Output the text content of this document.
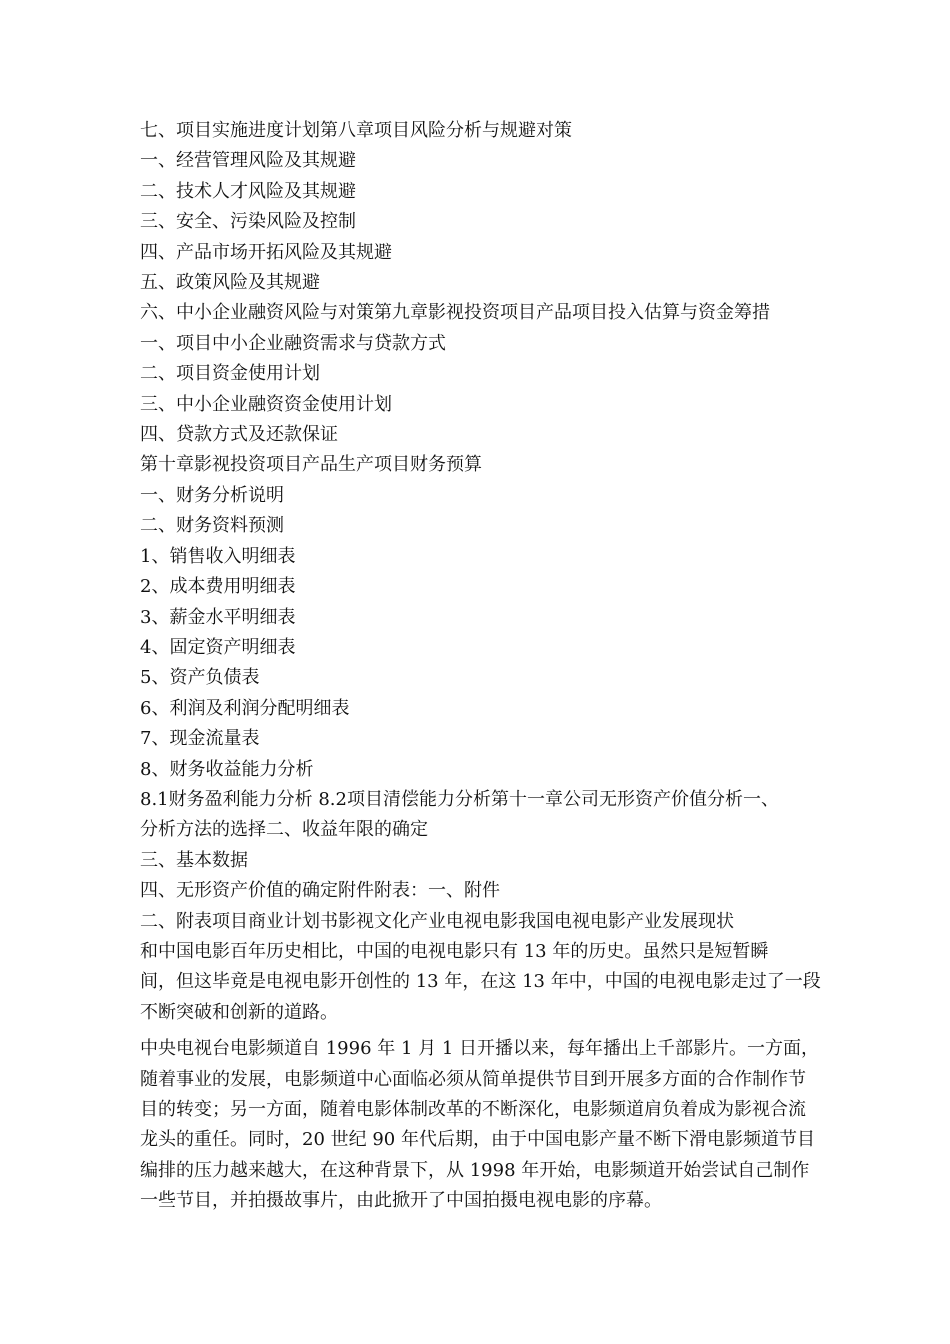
七、项目实施进度计划第八章项目风险分析与规避对策

一、经营管理风险及其规避

二、技术人才风险及其规避

三、安全、污染风险及控制

四、产品市场开拓风险及其规避

五、政策风险及其规避

六、中小企业融资风险与对策第九章影视投资项目产品项目投入估算与资金筹措

一、项目中小企业融资需求与贷款方式

二、项目资金使用计划

三、中小企业融资资金使用计划

四、贷款方式及还款保证

第十章影视投资项目产品生产项目财务预算

一、财务分析说明

二、财务资料预测

1、销售收入明细表

2、成本费用明细表

3、薪金水平明细表

4、固定资产明细表

5、资产负债表

6、利润及利润分配明细表

7、现金流量表

8、财务收益能力分析

8.1财务盈利能力分析 8.2项目清偿能力分析第十一章公司无形资产价值分析一、

分析方法的选择二、收益年限的确定

三、基本数据

四、无形资产价值的确定附件附表：一、附件

二、附表项目商业计划书影视文化产业电视电影我国电视电影产业发展现状

和中国电影百年历史相比，中国的电视电影只有 13 年的历史。虽然只是短暂瞬

间，但这毕竟是电视电影开创性的 13 年，在这 13 年中，中国的电视电影走过了一段

不断突破和创新的道路。

中央电视台电影频道自 1996 年 1 月 1 日开播以来，每年播出上千部影片。一方面，

随着事业的发展，电影频道中心面临必须从简单提供节目到开展多方面的合作制作节

目的转变；另一方面，随着电影体制改革的不断深化，电影频道肩负着成为影视合流

龙头的重任。同时，20 世纪 90 年代后期，由于中国电影产量不断下滑电影频道节目

编排的压力越来越大，在这种背景下，从 1998 年开始，电影频道开始尝试自己制作

一些节目，并拍摄故事片，由此掀开了中国拍摄电视电影的序幕。
